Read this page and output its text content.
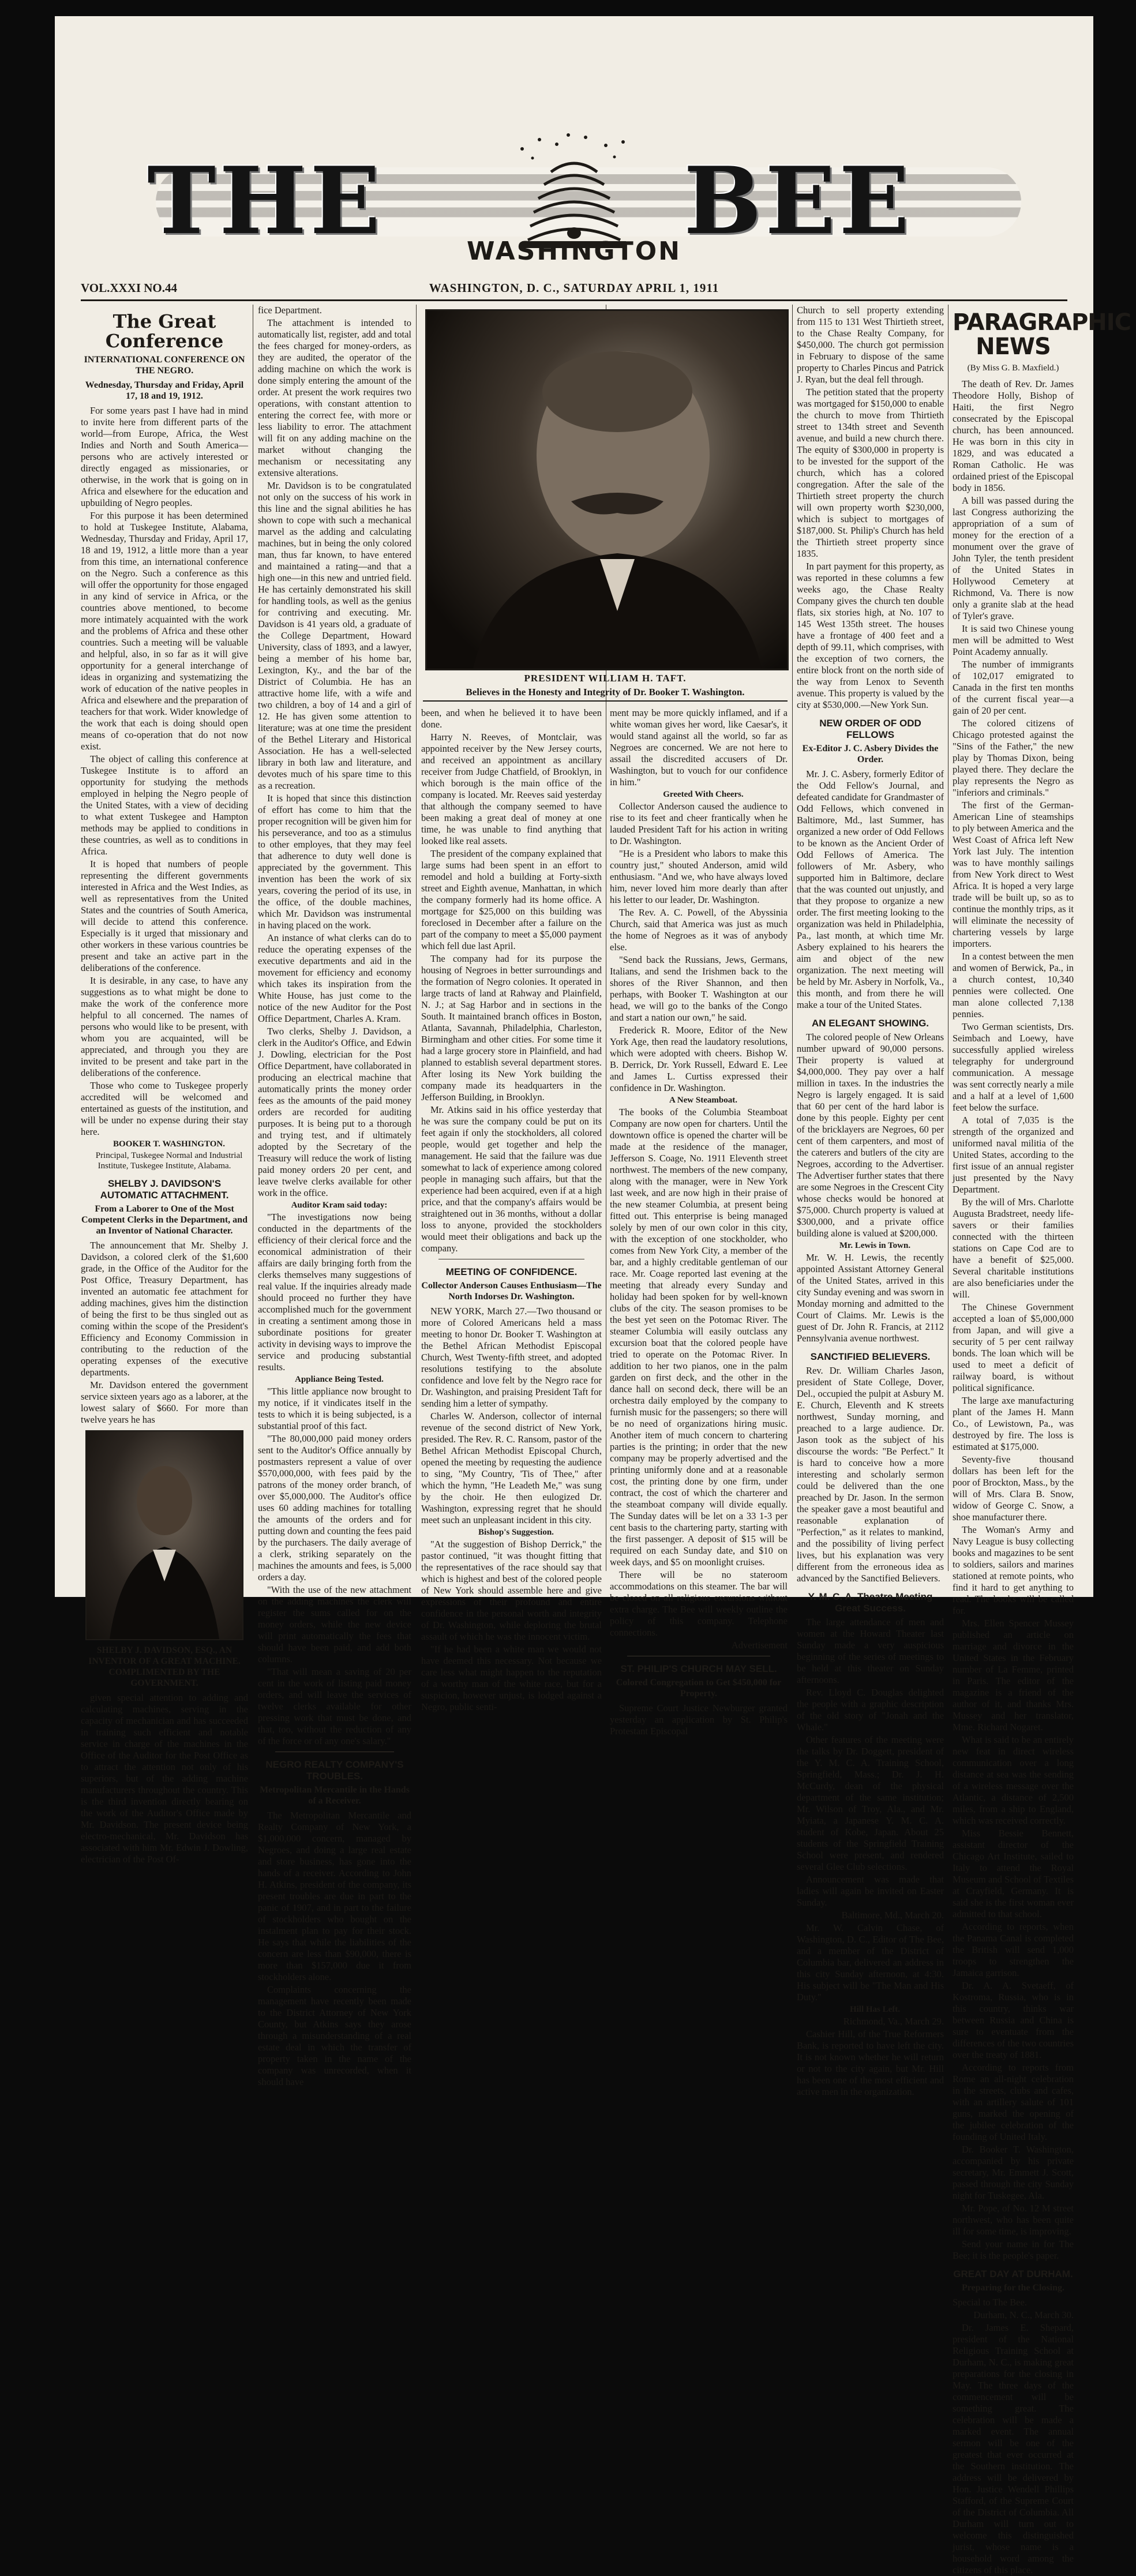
THE	BEE
WASHINGTON
VOL.XXXI NO.44	WASHINGTON, D. C., SATURDAY APRIL 1, 1911
The Great Conference
INTERNATIONAL CONFERENCE ON THE NEGRO.
Wednesday, Thursday and Friday, April 17, 18 and 19, 1912.

For some years past I have had in mind to invite here from different parts of the world—from Europe, Africa, the West Indies and North and South America—persons who are actively interested or directly engaged as missionaries, or otherwise, in the work that is going on in Africa and elsewhere for the education and upbuilding of Negro peoples.

For this purpose it has been determined to hold at Tuskegee Institute, Alabama, Wednesday, Thursday and Friday, April 17, 18 and 19, 1912, a little more than a year from this time, an international conference on the Negro. Such a conference as this will offer the opportunity for those engaged in any kind of service in Africa, or the countries above mentioned, to become more intimately acquainted with the work and the problems of Africa and these other countries. Such a meeting will be valuable and helpful, also, in so far as it will give opportunity for a general interchange of ideas in organizing and systematizing the work of education of the native peoples in Africa and elsewhere and the preparation of teachers for that work. Wider knowledge of the work that each is doing should open means of co-operation that do not now exist.

The object of calling this conference at Tuskegee Institute is to afford an opportunity for studying the methods employed in helping the Negro people of the United States, with a view of deciding to what extent Tuskegee and Hampton methods may be applied to conditions in these countries, as well as to conditions in Africa.

It is hoped that numbers of people representing the different governments interested in Africa and the West Indies, as well as representatives from the United States and the countries of South America, will decide to attend this conference. Especially is it urged that missionary and other workers in these various countries be present and take an active part in the deliberations of the conference.

It is desirable, in any case, to have any suggestions as to what might be done to make the work of the conference more helpful to all concerned. The names of persons who would like to be present, with whom you are acquainted, will be appreciated, and through you they are invited to be present and take part in the deliberations of the conference.

Those who come to Tuskegee properly accredited will be welcomed and entertained as guests of the institution, and will be under no expense during their stay here.

BOOKER T. WASHINGTON.

Principal, Tuskegee Normal and Industrial Institute, Tuskegee Institute, Alabama.

SHELBY J. DAVIDSON'S AUTOMATIC ATTACHMENT.
From a Laborer to One of the Most Competent Clerks in the Department, and an Inventor of National Character.

The announcement that Mr. Shelby J. Davidson, a colored clerk of the $1,600 grade, in the Office of the Auditor for the Post Office, Treasury Department, has invented an automatic fee attachment for adding machines, gives him the distinction of being the first to be thus singled out as coming within the scope of the President's Efficiency and Economy Commission in contributing to the reduction of the operating expenses of the executive departments.

Mr. Davidson entered the government service sixteen years ago as a laborer, at the lowest salary of $660. For more than twelve years he has

SHELBY J. DAVIDSON, ESQ., AN INVENTOR OF A GREAT MACHINE. COMPLIMENTED BY THE GOVERNMENT.

given special attention to adding and calculating machines, serving in the capacity of mechanician and has succeeded in training such efficient and notable service in charge of the machines in the Office of the Auditor for the Post Office as to attract the attention not only of his superiors, but of the adding machine manufacturers throughout the country. This is the third invention directly bearing on the work of the Auditor's Office made by Mr. Davidson. The present device being electro-mechanical, Mr. Davidson has associated with him Mr. Edwin J. Dowling, electrician of the Post Of-

fice Department.

The attachment is intended to automatically list, register, add and total the fees charged for money-orders, as they are audited, the operator of the adding machine on which the work is done simply entering the amount of the order. At present the work requires two operations, with constant attention to entering the correct fee, with more or less liability to error. The attachment will fit on any adding machine on the market without changing the mechanism or necessitating any extensive alterations.

Mr. Davidson is to be congratulated not only on the success of his work in this line and the signal abilities he has shown to cope with such a mechanical marvel as the adding and calculating machines, but in being the only colored man, thus far known, to have entered and maintained a rating—and that a high one—in this new and untried field. He has certainly demonstrated his skill for handling tools, as well as the genius for contriving and executing. Mr. Davidson is 41 years old, a graduate of the College Department, Howard University, class of 1893, and a lawyer, being a member of his home bar, Lexington, Ky., and the bar of the District of Columbia. He has an attractive home life, with a wife and two children, a boy of 14 and a girl of 12. He has given some attention to literature; was at one time the president of the Bethel Literary and Historical Association. He has a well-selected library in both law and literature, and devotes much of his spare time to this as a recreation.

It is hoped that since this distinction of effort has come to him that the proper recognition will be given him for his perseverance, and too as a stimulus to other employes, that they may feel that adherence to duty well done is appreciated by the government. This invention has been the work of six years, covering the period of its use, in the office, of the double machines, which Mr. Davidson was instrumental in having placed on the work.

An instance of what clerks can do to reduce the operating expenses of the executive departments and aid in the movement for efficiency and economy which takes its inspiration from the White House, has just come to the notice of the new Auditor for the Post Office Department, Charles A. Kram.

Two clerks, Shelby J. Davidson, a clerk in the Auditor's Office, and Edwin J. Dowling, electrician for the Post Office Department, have collaborated in producing an electrical machine that automatically prints the money order fees as the amounts of the paid money orders are recorded for auditing purposes. It is being put to a thorough and trying test, and if ultimately adopted by the Secretary of the Treasury will reduce the work of listing paid money orders 20 per cent, and leave twelve clerks available for other work in the office.

Auditor Kram said today:

"The investigations now being conducted in the departments of the efficiency of their clerical force and the economical administration of their affairs are daily bringing forth from the clerks themselves many suggestions of real value. If the inquiries already made should proceed no further they have accomplished much for the government in creating a sentiment among those in subordinate positions for greater activity in devising ways to improve the service and producing substantial results.

Appliance Being Tested.

"This little appliance now brought to my notice, if it vindicates itself in the tests to which it is being subjected, is a substantial proof of this fact.

"The 80,000,000 paid money orders sent to the Auditor's Office annually by postmasters represent a value of over $570,000,000, with fees paid by the patrons of the money order branch, of over $5,000,000. The Auditor's office uses 60 adding machines for totalling the amounts of the orders and for putting down and counting the fees paid by the purchasers. The daily average of a clerk, striking separately on the machines the amounts and fees, is 5,000 orders a day.

"With the use of the new attachment on the adding machines the clerk will register the sums called for on the money orders, while the new device will print automatically the fees that should have been paid, and add both columns.

"That will mean a saving of 20 per cent in the work of listing paid money orders, and will leave the services of twelve clerks available for other pressing work that must be done, and that, too, without the reduction of any of the force or of any one's salary."

NEGRO REALTY COMPANY'S TROUBLES.
Metropolitan Mercantile in the Hands of a Receiver.

The Metropolitan Mercantile and Realty Company of New York, a $1,000,000 concern, managed by Negroes, and doing a large real estate and store business, has gone into the hands of a receiver. According to John H. Atkins, president of the company, its present troubles are due in part to the panic of 1907, and in part to the failure of stockholders who bought on the instalment plan to pay for their stock. He says that while the liabilities of the concern are less than $90,000, there is more than $157,000 due it from stockholders alone.

Complaints concerning the management have recently been made to the District Attorney of New York County, but Atkins says they arose through a misunderstanding of a real estate deal in which the transfer of property taken in the name of the company was unrecorded, when it should have

PRESIDENT WILLIAM H. TAFT.
Believes in the Honesty and Integrity of Dr. Booker T. Washington.

been, and when he believed it to have been done.

Harry N. Reeves, of Montclair, was appointed receiver by the New Jersey courts, and received an appointment as ancillary receiver from Judge Chatfield, of Brooklyn, in which borough is the main office of the company is located. Mr. Reeves said yesterday that although the company seemed to have been making a great deal of money at one time, he was unable to find anything that looked like real assets.

The president of the company explained that large sums had been spent in an effort to remodel and hold a building at Forty-sixth street and Eighth avenue, Manhattan, in which the company formerly had its home office. A mortgage for $25,000 on this building was foreclosed in December after a failure on the part of the company to meet a $5,000 payment which fell due last April.

The company had for its purpose the housing of Negroes in better surroundings and the formation of Negro colonies. It operated in large tracts of land at Rahway and Plainfield, N. J.; at Sag Harbor and in sections in the South. It maintained branch offices in Boston, Atlanta, Savannah, Philadelphia, Charleston, Birmingham and other cities. For some time it had a large grocery store in Plainfield, and had planned to establish several department stores. After losing its New York building the company made its headquarters in the Jefferson Building, in Brooklyn.

Mr. Atkins said in his office yesterday that he was sure the company could be put on its feet again if only the stockholders, all colored people, would get together and help the management. He said that the failure was due somewhat to lack of experience among colored people in managing such affairs, but that the experience had been acquired, even if at a high price, and that the company's affairs would be straightened out in 36 months, without a dollar loss to anyone, provided the stockholders would meet their obligations and back up the company.

MEETING OF CONFIDENCE.
Collector Anderson Causes Enthusiasm—The North Indorses Dr. Washington.

NEW YORK, March 27.—Two thousand or more of Colored Americans held a mass meeting to honor Dr. Booker T. Washington at the Bethel African Methodist Episcopal Church, West Twenty-fifth street, and adopted resolutions testifying to the absolute confidence and love felt by the Negro race for Dr. Washington, and praising President Taft for sending him a letter of sympathy.

Charles W. Anderson, collector of internal revenue of the second district of New York, presided. The Rev. R. C. Ransom, pastor of the Bethel African Methodist Episcopal Church, opened the meeting by requesting the audience to sing, "My Country, 'Tis of Thee," after which the hymn, "He Leadeth Me," was sung by the choir. He then eulogized Dr. Washington, expressing regret that he should meet such an unpleasant incident in this city.

Bishop's Suggestion.

"At the suggestion of Bishop Derrick," the pastor continued, "it was thought fitting that the representatives of the race should say that which is highest and best of the colored people of New York should assemble here and give expressions of their profound and entire confidence in the personal worth and integrity of Dr. Washington, while deploring the brutal assault of which he was the innocent victim.

"If he had been a white man we would not have deemed this necessary. Not because we care less what might happen to the reputation of a worthy man of the white race, but for a suspicion, however unjust, is lodged against a Negro, public senti-

ment may be more quickly inflamed, and if a white woman gives her word, like Caesar's, it would stand against all the world, so far as Negroes are concerned. We are not here to assail the discredited accusers of Dr. Washington, but to vouch for our confidence in him."

Greeted With Cheers.

Collector Anderson caused the audience to rise to its feet and cheer frantically when he lauded President Taft for his action in writing to Dr. Washington.

"He is a President who labors to make this country just," shouted Anderson, amid wild enthusiasm. "And we, who have always loved him, never loved him more dearly than after his letter to our leader, Dr. Washington.

The Rev. A. C. Powell, of the Abyssinia Church, said that America was just as much the home of Negroes as it was of anybody else.

"Send back the Russians, Jews, Germans, Italians, and send the Irishmen back to the shores of the River Shannon, and then perhaps, with Booker T. Washington at our head, we will go to the banks of the Congo and start a nation our own," he said.

Frederick R. Moore, Editor of the New York Age, then read the laudatory resolutions, which were adopted with cheers. Bishop W. B. Derrick, Dr. York Russell, Edward E. Lee and James L. Curtiss expressed their confidence in Dr. Washington.

A New Steamboat.

The books of the Columbia Steamboat Company are now open for charters. Until the downtown office is opened the charter will be made at the residence of the manager, Jefferson S. Coage, No. 1911 Eleventh street northwest. The members of the new company, along with the manager, were in New York last week, and are now high in their praise of the new steamer Columbia, at present being fitted out. This enterprise is being managed solely by men of our own color in this city, with the exception of one stockholder, who comes from New York City, a member of the bar, and a highly creditable gentleman of our race. Mr. Coage reported last evening at the meeting that already every Sunday and holiday had been spoken for by well-known clubs of the city. The season promises to be the best yet seen on the Potomac River. The steamer Columbia will easily outclass any excursion boat that the colored people have tried to operate on the Potomac River. In addition to her two pianos, one in the palm garden on first deck, and the other in the dance hall on second deck, there will be an orchestra daily employed by the company to furnish music for the passengers; so there will be no need of organizations hiring music. Another item of much concern to chartering parties is the printing; in order that the new company may be properly advertised and the printing uniformly done and at a reasonable cost, the printing done by one firm, under contract, the cost of which the charterer and the steamboat company will divide equally. The Sunday dates will be let on a 33 1-3 per cent basis to the chartering party, starting with the first passenger. A deposit of $15 will be required on each Sunday date, and $10 on week days, and $5 on moonlight cruises.

There will be no stateroom accommodations on this steamer. The bar will be closed on all religious excursions without extra charge. The Bee will weekly outline the policy of this company. Telephone connections.

Advertisement

ST. PHILIP'S CHURCH MAY SELL.
Colored Congregation to Get $450,000 for Property.

Supreme Court Justice Newburger granted yesterday an application by St. Philip's Protestant Episcopal

Church to sell property extending from 115 to 131 West Thirtieth street, to the Chase Realty Company, for $450,000. The church got permission in February to dispose of the same property to Charles Pincus and Patrick J. Ryan, but the deal fell through.

The petition stated that the property was mortgaged for $150,000 to enable the church to move from Thirtieth street to 134th street and Seventh avenue, and build a new church there. The equity of $300,000 in property is to be invested for the support of the church, which has a colored congregation. After the sale of the Thirtieth street property the church will own property worth $230,000, which is subject to mortgages of $187,000. St. Philip's Church has held the Thirtieth street property since 1835.

In part payment for this property, as was reported in these columns a few weeks ago, the Chase Realty Company gives the church ten double flats, six stories high, at No. 107 to 145 West 135th street. The houses have a frontage of 400 feet and a depth of 99.11, which comprises, with the exception of two corners, the entire block front on the north side of the way from Lenox to Seventh avenue. This property is valued by the city at $530,000.—New York Sun.

NEW ORDER OF ODD FELLOWS
Ex-Editor J. C. Asbery Divides the Order.

Mr. J. C. Asbery, formerly Editor of the Odd Fellow's Journal, and defeated candidate for Grandmaster of Odd Fellows, which convened in Baltimore, Md., last Summer, has organized a new order of Odd Fellows to be known as the Ancient Order of Odd Fellows of America. The followers of Mr. Asbery, who supported him in Baltimore, declare that the was counted out unjustly, and that they propose to organize a new order. The first meeting looking to the organization was held in Philadelphia, Pa., last month, at which time Mr. Asbery explained to his hearers the aim and object of the new organization. The next meeting will be held by Mr. Asbery in Norfolk, Va., this month, and from there he will make a tour of the United States.

AN ELEGANT SHOWING.

The colored people of New Orleans number upward of 90,000 persons. Their property is valued at $4,000,000. They pay over a half million in taxes. In the industries the Negro is largely engaged. It is said that 60 per cent of the hard labor is done by this people. Eighty per cent of the bricklayers are Negroes, 60 per cent of them carpenters, and most of the caterers and butlers of the city are Negroes, according to the Advertiser. The Advertiser further states that there are some Negroes in the Crescent City whose checks would be honored at $75,000. Church property is valued at $300,000, and a private office building alone is valued at $200,000.

Mr. Lewis in Town.

Mr. W. H. Lewis, the recently appointed Assistant Attorney General of the United States, arrived in this city Sunday evening and was sworn in Monday morning and admitted to the Court of Claims. Mr. Lewis is the guest of Dr. John R. Francis, at 2112 Pennsylvania avenue northwest.

SANCTIFIED BELIEVERS.

Rev. Dr. William Charles Jason, president of State College, Dover, Del., occupied the pulpit at Asbury M. E. Church, Eleventh and K streets northwest, Sunday morning, and preached to a large audience. Dr. Jason took as the subject of his discourse the words: "Be Perfect." It is hard to conceive how a more interesting and scholarly sermon could be delivered than the one preached by Dr. Jason. In the sermon the speaker gave a most beautiful and reasonable explanation of "Perfection," as it relates to mankind, and the possibility of living perfect lives, but his explanation was very different from the erroneous idea as advanced by the Sanctified Believers.

Y. M. C. A. Theatre Meeting Great Success.

The large attendance of men and women at the Howard Theater last Sunday made a very auspicious beginning of the series of meetings to be held at this theater on Sunday afternoons.

Rev. Lloyd C. Douglas delighted the people with a graphic description of the old story of "Jonah and the Whale."

Other features of the meeting were the talks by Dr. Doggett, president of the Y. M. C. A. Training School, Springfield, Mass.; Dr. J. H. McCurdy, dean of the physical department of the same institution; Mr. Wilson of Troy, Ala., and Mr. Myiata, a Japanese Y. M. C. A. student of Kobe, Japan. About 25 students of the Springfield Training School were present, and rendered several Glee Club selections.

Announcement was made that ladies will again be invited on Easter Sunday.

Baltimore, Md., March 20.

Mr. W. Calvin Chase, of Washington, D. C., Editor of The Bee, and a member of the District of Columbia bar, delivered an address in this city Sunday afternoon, at 4:30. His subject will be "The Man and His Duty."

Hill Has Left.

Richmond, Va., March 29.

Cashier Hill, of the True Reformers Bank, is reported to have left the city. It is not known whether he will return or not to the city again, but Mr. Hill has been one of the most efficient and active men in the organization.

PARAGRAPHIC NEWS
(By Miss G. B. Maxfield.)

The death of Rev. Dr. James Theodore Holly, Bishop of Haiti, the first Negro consecrated by the Episcopal church, has been announced. He was born in this city in 1829, and was educated a Roman Catholic. He was ordained priest of the Episcopal body in 1856.

A bill was passed during the last Congress authorizing the appropriation of a sum of money for the erection of a monument over the grave of John Tyler, the tenth president of the United States in Hollywood Cemetery at Richmond, Va. There is now only a granite slab at the head of Tyler's grave.

It is said two Chinese young men will be admitted to West Point Academy annually.

The number of immigrants of 102,017 emigrated to Canada in the first ten months of the current fiscal year—a gain of 20 per cent.

The colored citizens of Chicago protested against the "Sins of the Father," the new play by Thomas Dixon, being played there. They declare the play represents the Negro as "inferiors and criminals."

The first of the German-American Line of steamships to ply between America and the West Coast of Africa left New York last July. The intention was to have monthly sailings from New York direct to West Africa. It is hoped a very large trade will be built up, so as to continue the monthly trips, as it will eliminate the necessity of chartering vessels by large importers.

In a contest between the men and women of Berwick, Pa., in a church contest, 10,340 pennies were collected. One man alone collected 7,138 pennies.

Two German scientists, Drs. Seimbach and Loewy, have successfully applied wireless telegraphy for underground communication. A message was sent correctly nearly a mile and a half at a level of 1,600 feet below the surface.

A total of 7,035 is the strength of the organized and uniformed naval militia of the United States, according to the first issue of an annual register just presented by the Navy Department.

By the will of Mrs. Charlotte Augusta Bradstreet, needy life-savers or their families connected with the thirteen stations on Cape Cod are to have a benefit of $25,000. Several charitable institutions are also beneficiaries under the will.

The Chinese Government accepted a loan of $5,000,000 from Japan, and will give a security of 5 per cent railway bonds. The loan which will be used to meet a deficit of railway board, is without political significance.

The large axe manufacturing plant of the James H. Mann Co., of Lewistown, Pa., was destroyed by fire. The loss is estimated at $175,000.

Seventy-five thousand dollars has been left for the poor of Brockton, Mass., by the will of Mrs. Clara B. Snow, widow of George C. Snow, a shoe manufacturer there.

The Woman's Army and Navy League is busy collecting books and magazines to be sent to soldiers, sailors and marines stationed at remote points, who find it hard to get anything to read. The books will be called for.

Mrs. Ellen Spencer Mussey published an article on marriage and divorce in the United States in the February number of La Femme, printed in Paris. The editor of the magazine is a friend of the author of it, and thanks Mrs. Mussey and her translator, Mme. Richard Nogaret.

What is said to be an entirely new feat in direct wireless communication over a long distance at sea was the sending of a wireless message over the Atlantic, a distance of 2,500 miles, from a ship to England, which was received correctly.

Miss Bessie Bennett, assistant director of the Chicago Art Institute, sailed to Italy to attend the Royal Museum and School of Textiles at Crayfield, Germany. It is said she is the first woman ever admitted to that school.

According to reports, when the Panama Canal is completed the British will send 1,000 troops to strengthen the Jamaica garrison.

Dr. A. A. Svetaeff, of Kostroma, Russia, who is in this country, thinks war between Russia and China is sure to eventuate from the differences of the two countries over the treaty of 1881.

According to reports from Rome an all-night celebration in the streets, clubs and cafes, with an artillery salute of 101 guns, marked the opening of the jubilee celebration of the founding of United Italy.

Dr. Booker T. Washington, accompanied by his private secretary, Mr. Emmett J. Scott, passed through the city Sunday night for Tuskegee, Ala.

Mr. Pope, of No. 12 M street northwest, who has been quite ill for some time, is improving.

Send your name in for The Bee; it is the people's paper.

GREAT DAY AT DURHAM.
Preparing for the Closing.

Special to The Bee.

Durham, N. C., March 30.

Dr. James E. Shepard, president of the National Religious Training School at Durham, N. C., is making great preparations for the closing in May. The three days of the commencement will be something great. The celebration will be made a marked event. The annual sermon will be one of the greatest that ever occurred at the Southern institution. The address will be delivered by Hon. Justice Wendell Phillips Stafford, of the Supreme Court of the District of Columbia. All Durham will turn out to welcome this distinguished jurist, whose name is a household word among the citizens of this place.
